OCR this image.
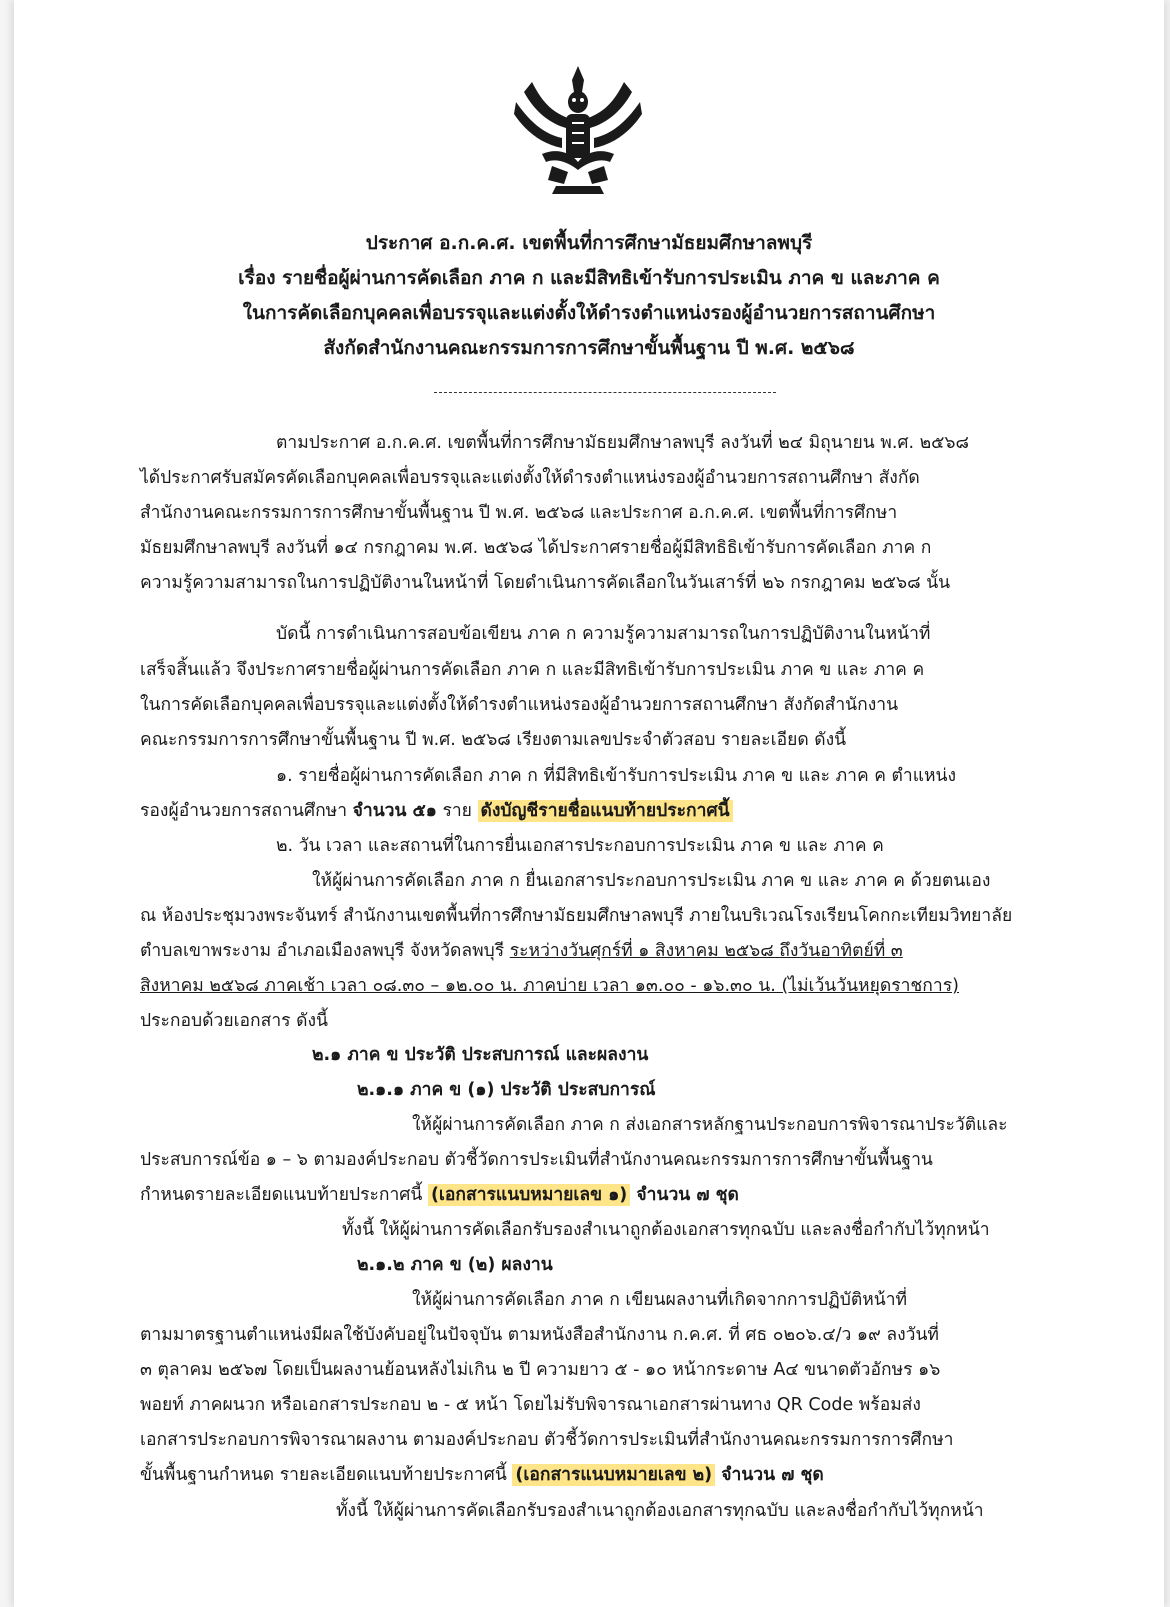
ประกาศ อ.ก.ค.ศ. เขตพื้นที่การศึกษามัธยมศึกษาลพบุรี
เรื่อง รายชื่อผู้ผ่านการคัดเลือก ภาค ก และมีสิทธิเข้ารับการประเมิน ภาค ข และภาค ค
ในการคัดเลือกบุคคลเพื่อบรรจุและแต่งตั้งให้ดำรงตำแหน่งรองผู้อำนวยการสถานศึกษา
สังกัดสำนักงานคณะกรรมการการศึกษาขั้นพื้นฐาน ปี พ.ศ. ๒๕๖๘
ตามประกาศ อ.ก.ค.ศ. เขตพื้นที่การศึกษามัธยมศึกษาลพบุรี ลงวันที่ ๒๔ มิถุนายน พ.ศ. ๒๕๖๘
ได้ประกาศรับสมัครคัดเลือกบุคคลเพื่อบรรจุและแต่งตั้งให้ดำรงตำแหน่งรองผู้อำนวยการสถานศึกษา สังกัด
สำนักงานคณะกรรมการการศึกษาขั้นพื้นฐาน ปี พ.ศ. ๒๕๖๘ และประกาศ อ.ก.ค.ศ. เขตพื้นที่การศึกษา
มัธยมศึกษาลพบุรี ลงวันที่ ๑๔ กรกฎาคม พ.ศ. ๒๕๖๘ ได้ประกาศรายชื่อผู้มีสิทธิธิเข้ารับการคัดเลือก ภาค ก
ความรู้ความสามารถในการปฏิบัติงานในหน้าที่ โดยดำเนินการคัดเลือกในวันเสาร์ที่ ๒๖ กรกฎาคม ๒๕๖๘ นั้น
บัดนี้ การดำเนินการสอบข้อเขียน ภาค ก ความรู้ความสามารถในการปฏิบัติงานในหน้าที่
เสร็จสิ้นแล้ว จึงประกาศรายชื่อผู้ผ่านการคัดเลือก ภาค ก และมีสิทธิเข้ารับการประเมิน ภาค ข และ ภาค ค
ในการคัดเลือกบุคคลเพื่อบรรจุและแต่งตั้งให้ดำรงตำแหน่งรองผู้อำนวยการสถานศึกษา สังกัดสำนักงาน
คณะกรรมการการศึกษาขั้นพื้นฐาน ปี พ.ศ. ๒๕๖๘ เรียงตามเลขประจำตัวสอบ รายละเอียด ดังนี้
๑. รายชื่อผู้ผ่านการคัดเลือก ภาค ก ที่มีสิทธิเข้ารับการประเมิน ภาค ข และ ภาค ค ตำแหน่ง
รองผู้อำนวยการสถานศึกษา จำนวน ๕๑ ราย ดังบัญชีรายชื่อแนบท้ายประกาศนี้
๒. วัน เวลา และสถานที่ในการยื่นเอกสารประกอบการประเมิน ภาค ข และ ภาค ค
ให้ผู้ผ่านการคัดเลือก ภาค ก ยื่นเอกสารประกอบการประเมิน ภาค ข และ ภาค ค ด้วยตนเอง
ณ ห้องประชุมวงพระจันทร์ สำนักงานเขตพื้นที่การศึกษามัธยมศึกษาลพบุรี ภายในบริเวณโรงเรียนโคกกะเทียมวิทยาลัย
ตำบลเขาพระงาม อำเภอเมืองลพบุรี จังหวัดลพบุรี ระหว่างวันศุกร์ที่ ๑ สิงหาคม ๒๕๖๘ ถึงวันอาทิตย์ที่ ๓
สิงหาคม ๒๕๖๘ ภาคเช้า เวลา ๐๘.๓๐ – ๑๒.๐๐ น. ภาคบ่าย เวลา ๑๓.๐๐ - ๑๖.๓๐ น. (ไม่เว้นวันหยุดราชการ)
ประกอบด้วยเอกสาร ดังนี้
๒.๑ ภาค ข ประวัติ ประสบการณ์ และผลงาน
๒.๑.๑ ภาค ข (๑) ประวัติ ประสบการณ์
ให้ผู้ผ่านการคัดเลือก ภาค ก ส่งเอกสารหลักฐานประกอบการพิจารณาประวัติและ
ประสบการณ์ข้อ ๑ – ๖ ตามองค์ประกอบ ตัวชี้วัดการประเมินที่สำนักงานคณะกรรมการการศึกษาขั้นพื้นฐาน
กำหนดรายละเอียดแนบท้ายประกาศนี้ (เอกสารแนบหมายเลข ๑) จำนวน ๗ ชุด
ทั้งนี้ ให้ผู้ผ่านการคัดเลือกรับรองสำเนาถูกต้องเอกสารทุกฉบับ และลงชื่อกำกับไว้ทุกหน้า
๒.๑.๒ ภาค ข (๒) ผลงาน
ให้ผู้ผ่านการคัดเลือก ภาค ก เขียนผลงานที่เกิดจากการปฏิบัติหน้าที่
ตามมาตรฐานตำแหน่งมีผลใช้บังคับอยู่ในปัจจุบัน ตามหนังสือสำนักงาน ก.ค.ศ. ที่ ศธ ๐๒๐๖.๔/ว ๑๙ ลงวันที่
๓ ตุลาคม ๒๕๖๗ โดยเป็นผลงานย้อนหลังไม่เกิน ๒ ปี ความยาว ๕ - ๑๐ หน้ากระดาษ A๔ ขนาดตัวอักษร ๑๖
พอยท์ ภาคผนวก หรือเอกสารประกอบ ๒ - ๕ หน้า โดยไม่รับพิจารณาเอกสารผ่านทาง QR Code พร้อมส่ง
เอกสารประกอบการพิจารณาผลงาน ตามองค์ประกอบ ตัวชี้วัดการประเมินที่สำนักงานคณะกรรมการการศึกษา
ขั้นพื้นฐานกำหนด รายละเอียดแนบท้ายประกาศนี้ (เอกสารแนบหมายเลข ๒) จำนวน ๗ ชุด
ทั้งนี้ ให้ผู้ผ่านการคัดเลือกรับรองสำเนาถูกต้องเอกสารทุกฉบับ และลงชื่อกำกับไว้ทุกหน้า
